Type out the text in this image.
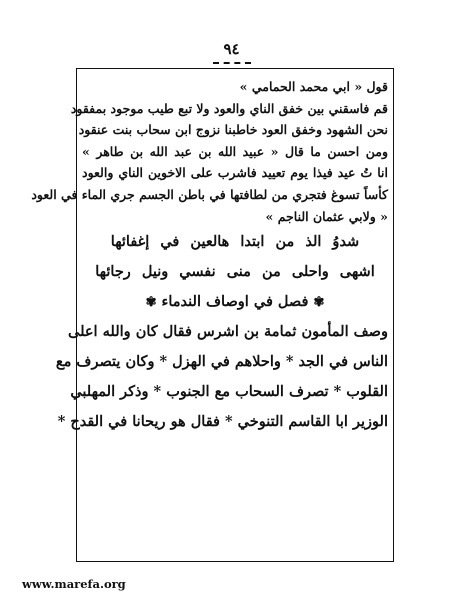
٩٤
قول « ابي محمد الحمامي »
قم فاسقني بين خفق الناي والعود ولا تبع طيب موجود بمفقود
نحن الشهود وخفق العود خاطبنا نزوج ابن سحاب بنت عنقود
ومن احسن ما قال « عبيد الله بن عبد الله بن طاهر »
انا تُ عيد فيذا يوم تعييد فاشرب على الاخوين الناي والعود
كأساً تسوغ فتجري من لطافتها في باطن الجسم جري الماء في العود
« ولابي عثمان الناجم »
شدوُ الذ من ابتدا هالعين في إغفائها
اشهى واحلى من منى نفسي ونيل رجائها
✾ فصل في اوصاف الندماء ✾
وصف المأمون ثمامة بن اشرس فقال كان والله اعلى
الناس في الجد * واحلاهم في الهزل * وكان يتصرف مع
القلوب * تصرف السحاب مع الجنوب * وذكر المهلبي
الوزير ابا القاسم التنوخي * فقال هو ريحانا في القدح *
www.marefa.org
